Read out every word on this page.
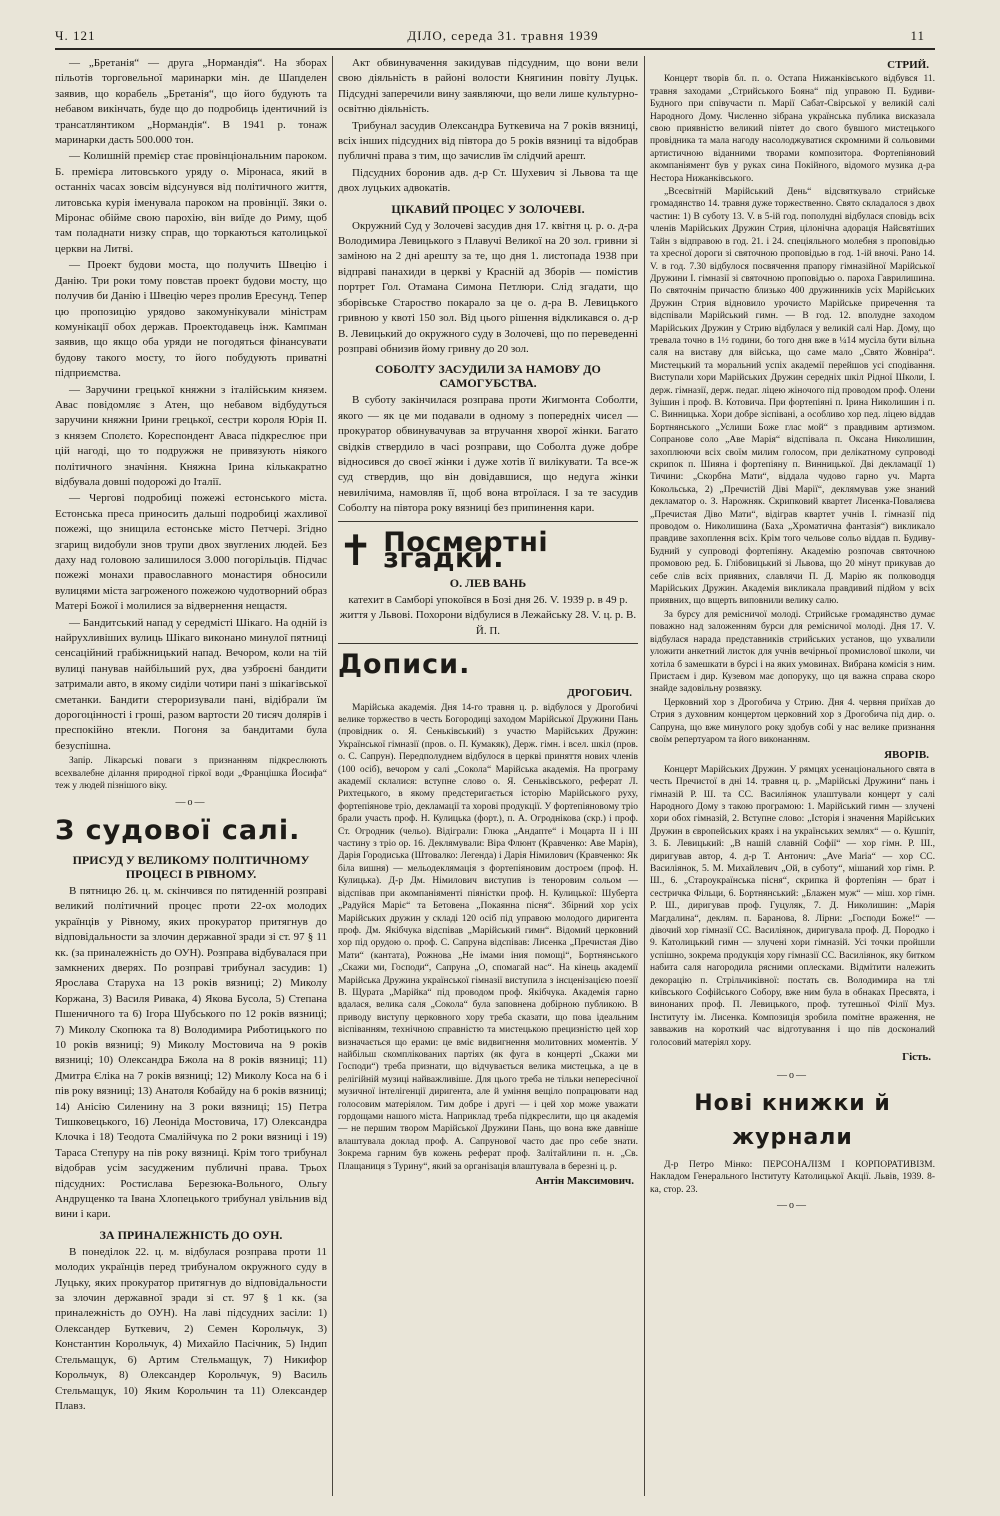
Ч. 121	ДІЛО, середа 31. травня 1939	11

— „Бретанія“ — друга „Нормандія“. На зборах пільотів торговельної маринарки мін. де Шапделен заявив, що корабель „Бретанія“, що його будують та небавом викінчать, буде що до подробиць ідентичний із трансатлянтиком „Нормандія“. В 1941 р. тонаж маринарки дасть 500.000 тон.

— Колишній премієр стає провінціональним пароком. Б. премієра литовського уряду о. Міронаса, який в останніх часах зовсім відсунувся від політичного життя, литовська курія іменувала пароком на провінції. Зяки о. Міронас обійме свою парохію, він виїде до Риму, щоб там поладнати низку справ, що торкаються католицької церкви на Литві.

— Проект будови моста, що получить Швецію і Данію. Три роки тому повстав проект будови мосту, що получив би Данію і Швецію через пролив Ересунд. Тепер цю пропозицію урядово закомунікували міністрам комунікації обох держав. Проектодавець інж. Кампман заявив, що якщо оба уряди не погодяться фінансувати будову такого мосту, то його побудують приватні підприємства.

— Заручини грецької княжни з італійським князем. Авас повідомляє з Атен, що небавом відбудуться заручини княжни Ірини грецької, сестри короля Юрія II. з князем Сполєто. Кореспондент Аваса підкреслює при цій нагоді, що то подружжя не привязують ніякого політичного значіння. Княжна Ірина кількакратно відбувала довші подорожі до Італії.

— Чергові подробиці пожежі естонського міста. Естонська преса приносить дальші подробиці жахливої пожежі, що знищила естонське місто Петчері. Згідно згарищ видобули знов трупи двох звуглених людей. Без даху над головою залишилося 3.000 погорільців. Підчас пожежі монахи православного монастиря обносили вулицями міста загроженого пожежою чудотворний образ Матері Божої і молилися за відвернення нещастя.

— Бандитський напад у середмісті Шікаго. На одній із найрухливіших вулиць Шікаго виконано минулої пятниці сенсаційний грабіжницький напад. Вечором, коли на тій вулиці панував найбільший рух, два узброєні бандити затримали авто, в якому сиділи чотири пані з шікагівської сметанки. Бандити стероризували пані, відібрали їм дорогоцінності і гроші, разом вартости 20 тисяч долярів і преспокійно втекли. Погоня за бандитами була безуспішна.

Запір. Лікарські поваги з признанням підкреслюють всехвалебне ділання природної гіркої води „Францішка Йосифа“ теж у людей пізнішого віку.

—о—
З судової салі.
ПРИСУД У ВЕЛИКОМУ ПОЛІТИЧНОМУ ПРОЦЕСІ В РІВНОМУ.

В пятницю 26. ц. м. скінчився по пятиденній розправі великий політичний процес проти 22-ох молодих українців у Рівному, яких прокуратор притягнув до відповідальности за злочин державної зради зі ст. 97 § 11 кк. (за приналежність до ОУН). Розправа відбувалася при замкнених дверях. По розправі трибунал засудив: 1) Ярослава Старуха на 13 років вязниці; 2) Миколу Коржана, 3) Василя Ривака, 4) Якова Бусола, 5) Степана Пшеничного та 6) Ігора Шубського по 12 років вязниці; 7) Миколу Скопюка та 8) Володимира Рибoтицького по 10 років вязниці; 9) Миколу Мостовича на 9 років вязниці; 10) Олександра Бжола на 8 років вязниці; 11) Дмитра Єліка на 7 років вязниці; 12) Миколу Косa на 6 і пів року вязниці; 13) Анатоля Кобайду на 6 років вязниці; 14) Анісію Силенину на 3 роки вязниці; 15) Петра Тишковецького, 16) Леоніда Мостовича, 17) Олександра Клочка і 18) Теодота Смалійчука по 2 роки вязниці і 19) Тараса Степуру на пів року вязниці. Крім того трибунал вiдобрав усім засудженим публичні права. Трьох підсудних: Ростислава Березюка-Вольного, Ольгу Андрущенко та Івана Хлопецького трибунал увільнив від вини і кари.

ЗА ПРИНАЛЕЖНІСТЬ ДО ОУН.

В понеділок 22. ц. м. відбулася розправа проти 11 молодих українців перед трибуналом окружного суду в Луцьку, яких прокуратор притягнув до відповідальности за злочин державної зради зі ст. 97 § 1 кк. (за приналежність до ОУН). На лаві підсудних засіли: 1) Олександер Буткевич, 2) Семен Корольчук, 3) Константин Корольчук, 4) Михайло Пасічник, 5) Індип Стельмащук, 6) Артим Стельмащук, 7) Никифор Корольчук, 8) Олександер Корольчук, 9) Василь Стельмащук, 10) Яким Корольчин та 11) Олександер Плавз.

Акт обвинувачення закидував підсудним, що вони вели свою діяльність в районі волости Княгинин повіту Луцьк. Підсудні заперечили вину заявляючи, що вели лише культурно-освітню діяльність.

Трибунал засудив Олександра Буткевича на 7 років вязниці, всіх інших підсудних від півтора до 5 років вязниці та відобрав публичні права з тим, що зачислив їм слідчий арешт.

Підсудних боронив адв. д-р Ст. Шухевич зі Львова та ще двох луцьких адвокатів.

ЦІКАВИЙ ПРОЦЕС У ЗОЛОЧЕВІ.

Окружний Суд у Золочеві засудив дня 17. квітня ц. р. о. д-ра Володимира Левицького з Плавучі Великої на 20 зол. гривни зі заміною на 2 дні арешту за те, що дня 1. листопада 1938 при відправі панахиди в церкві у Красній ад Зборів — помістив портрет Гол. Отамана Симона Петлюри. Слід згадати, що зборівське Староство покарало за це о. д-ра В. Левицького гривною у квоті 150 зол. Від цього рішення відкликався о. д-р В. Левицький до окружного суду в Золочеві, що по переведенні розправі обнизив йому гривну до 20 зол.

СОБОЛТУ ЗАСУДИЛИ ЗА НАМОВУ ДО САМОГУБСТВА.

В суботу закінчилася розправа проти Жигмонта Соболти, якого — як це ми подавали в одному з попередніх чисел — прокуратор обвинувачував за втручання хворої жінки. Багато свідків ствердило в часі розправи, що Соболта дуже добре відносився до своєї жінки і дуже хотів її вилікувати. Та все-ж суд ствердив, що він довідавшися, що недуга жінки невилічима, намовляв її, щоб вона втроїлася. І за те засудив Соболту на півтора року вязниці без припинення кари.

✝ Посмертні згадки.
О. ЛЕВ ВАНЬ

катехит в Самборі упокоївся в Бозі дня 26. V. 1939 р. в 49 р. життя у Львові. Похорони відбулися в Лежайську 28. V. ц. р. В. Й. П.

Дописи.
ДРОГОБИЧ.

Марійська академія. Дня 14-го травня ц. р. відбулося у Дрогобичі велике торжество в честь Богородиці заходом Марійської Дружини Пань (провідник о. Я. Сеньківський) з участю Марійських Дружин: Української гімназії (пров. о. П. Кумакяк), Держ. гімн. і всел. шкіл (пров. о. С. Сапрун). Передполуднем відбулося в церкві приняття нових членів (100 осіб), вечором у салі „Сокола“ Марійська академія. На програму академії склалися: вступне слово о. Я. Сеньківського, реферат Л. Рихтецького, в якому предстеригається історію Марійського руху, фортепіянове тріо, декламації та хорові продукції. У фортепіяновому тріо брали участь проф. Н. Кулицька (форт.), п. А. Огродніковa (скр.) і проф. Ст. Огродник (чельо). Відіграли: Глюка „Андапте“ і Моцарта II і III частину з тріо ор. 16. Деклямували: Віра Флюнт (Кравченко: Аве Марія), Дарія Городиська (Штовалко: Легенда) і Дарія Німилович (Кравченко: Як біла вишня) — мельодеклямація з фортепіяновим достроєм (проф. Н. Кулицька). Д-р Дм. Німилович виступив із теноровим сольом — відспівав при акомпаніяменті піяністки проф. Н. Кулицької: Шуберта „Радуйся Маріє“ та Бетовена „Покаянна пісня“. Збірний хор усіх Марійських дружин у складі 120 осіб під управою молодого диригента проф. Дм. Якібчука відспівав „Марійський гимн“. Відомий церковний хор під орудою о. проф. С. Сапруна відспівав: Лисенка „Пречистая Діво Мати“ (кантата), Рожнова „Не імами іния помощі“, Бортнянського „Скажи ми, Господи“, Сапруна „О, спомагай нас“. На кінець академії Марійська Дружина української гімназії виступила з інсценізацією поезії В. Щурата „Марійка“ під проводом проф. Якібчука. Академія гарно вдалася, велика саля „Сокола“ була заповнена добірною публикою. В приводу виступу церковного хору треба сказати, що пова ідеальним віспіванням, технічною справністю та мистецькою прецизністю цей хор визначається що ерами: це вміє видвигнення молитовних моментів. У найбільш скомплікованих партіях (як фуга в концерті „Скажи ми Господи“) треба признати, що відчувається велика мистецька, а це в релігійній музиці найважливіше. Для цього треба не тільки непересічної музичної інтелігенції диригента, але й уміння вещіло попрацювати над голосовим матеріялом. Тим добре і другі — і цей хор може уважати гордощами нашого міста. Наприклад треба підкреслити, що ця академія — не першим твором Марійської Дружини Пань, що вона вже давніше влаштувала доклад проф. А. Сапрунової часто дає про себе знати. Зокрема гарним був кожень реферат проф. Залітайлини п. н. „Св. Плащаниця з Турину“, який за організація влаштувала в березні ц. р.

Антін Максимович.
СТРИЙ.

Концерт творів бл. п. о. Остапа Нижанківського відбувся 11. травня заходами „Стрийського Бояна“ під управою П. Будиви-Будного при співучасти п. Марії Сабат-Свірської у великій салі Народного Дому. Численно зібрана українська публика висказала свою приявністю великий півтет до свого бувшого мистецького провідника та мала нагоду насолоджуватися скромними й сольовими артистичною віданними творами композитора. Фортепіяновий акомпаніямент був у руках сина Покійного, відомого музика д-ра Нестора Нижанківського.

„Всесвітній Марійський День“ відсвяткувало стрийське громадянство 14. травня дуже торжественно. Свято складалося з двох частин: 1) В суботу 13. V. в 5-ій год. пополудні відбулася сповідь всіх членів Марійських Дружин Стрия, цілонічна адорація Найсвятіших Тайн з відправою в год. 21. і 24. спеціяльного молебня з проповідью та хресної дороги зі святочною проповідью в год. 1-ій вночі. Рано 14. V. в год. 7.30 відбулося посвячення прапору гімназійної Марійської Дружини I. гімназії зі святочною проповідью о. пароха Гаврилишина. По святочнім причастю близько 400 дружинників усіх Марійських Дружин Стрия відновило урочисто Марійське приречення та відспівали Марійський гимн. — В год. 12. вполудне заходом Марійських Дружин у Стрию відбулася у великій салі Нар. Дому, що тревала точно в 1½ години, бо того дня вже в ¼14 мусіла бути вільна саля на виставу для війська, що саме мало „Свято Жовніра“. Мистецький та моральний успіх академії перейшов усі сподівання. Виступали хори Марійських Дружин середніх шкіл Рідної Школи, I. держ. гімназії, держ. педаг. ліцею жіночого під проводом проф. Олени Зуішин і проф. В. Котовича. При фортепіяні п. Ірина Николишин і п. С. Винницька. Хори добре зіспівані, а особливо хор пед. ліцею віддав Бортнянського „Услиши Боже глас мой“ з правдивим артизмом. Сопранове соло „Аве Марія“ відспівала п. Оксана Николишин, захоплюючи всіх своїм милим голосом, при делікатному супроводі скрипок п. Шияна і фортепіяну п. Винницької. Дві декламації 1) Тичини: „Скорбна Мати“, віддала чудово гарно уч. Марта Кокольська, 2) „Пречистій Діві Марії“, деклямував уже знаний декламатор о. З. Нарожняк. Скрипковий квартет Лисенка-Поваляєва „Пречистая Діво Мати“, відіграв квартет учнів I. гімназії під проводом о. Николишина (Баха „Хроматична фантазія“) викликало правдиве захоплення всіх. Крім того чельове сольо віддав п. Будиву-Будний у супроводі фортепіяну. Академію розпочав святочною промовою ред. Б. Глібовицький зі Львова, що 20 мінут прикував до себе слів всіх приявних, славлячи П. Д. Марію як полководця Марійських Дружин. Академія викликала правдивий підйом у всіх приявних, що вщерть виповнили велику салю.

За бурсу для ремісничої молоді. Стрийське громадянство думає поважно над заложенням бурси для ремісничої молоді. Дня 17. V. відбулася нарада представників стрийських установ, що ухвалили уложити анкетний листок для учнів вечірньої промислової школи, чи хотіла б замешкати в бурсі і на яких умовинах. Вибрана комісія з ним. Пристаєм і дир. Кузевом має допорукy, що ця важна справа скоро знайде задовільну розвязку.

Церковний хор з Дрогобича у Стрию. Дня 4. червня приїхав до Стрия з духовним концертом церковний хор з Дрогобича під дир. о. Сапруна, що вже минулого року здобув собі у нас велике признання своїм репертуаром та його виконанням.

ЯВОРІВ.

Концерт Марійських Дружин. У рямцях усенаціонального свята в честь Пречистої в дні 14. травня ц. р. „Марійські Дружини“ пань і гімназій Р. Ш. та СС. Василіянок улаштували концерт у салі Народного Дому з такою програмою: 1. Марійський гимн — злучені хори обох гімназій, 2. Вступне слово: „Історія і значення Марійських Дружин в європейських краях і на українських землях“ — о. Кушпіт, 3. Б. Левицький: „В нашій славній Софії“ — хор гімн. Р. Ш., диригував автор, 4. д-р Т. Антонич: „Ave Maria“ — хор СС. Василіянок, 5. М. Михайлевич „Ой, в суботу“, мішаний хор гімн. Р. Ш., 6. „Староукраїнська пісня“, скрипка й фортепіян — брат і сестричка Фільци, 6. Бортнянський: „Блажен муж“ — міш. хор гімн. Р. Ш., диригував проф. Гуцуляк, 7. Д. Николишин: „Марія Магдалина“, деклям. п. Баранова, 8. Лірни: „Господи Боже!“ — дівочий хор гімназії СС. Василіянок, диригувала проф. Д. Породко і 9. Католицький гимн — злучені хори гімназій. Усі точки пройшли успішно, зокрема продукція хору гімназії СС. Василіянок, яку битком набита саля нагородила рясними оплесками. Відмітити належить декорацію п. Стрільчиківної: постать св. Володимира на тлі київського Софійського Собору, вже ним була в обнаках Пресвята, і винонаних проф. П. Левицького, проф. тутешньої Філії Муз. Інституту ім. Лисенка. Композиція зробила помітне враження, не завважив на короткий час відготування і що пів досконалий голосовий матеріял хору.

Гість.
—о—
Нові книжки й журнали

Д-р Петро Мінко: ПЕРСОНАЛІЗМ І КОРПОРАТИВІЗМ. Накладом Генерального Інституту Католицької Акції. Львів, 1939. 8-ка, стор. 23.

—о—
